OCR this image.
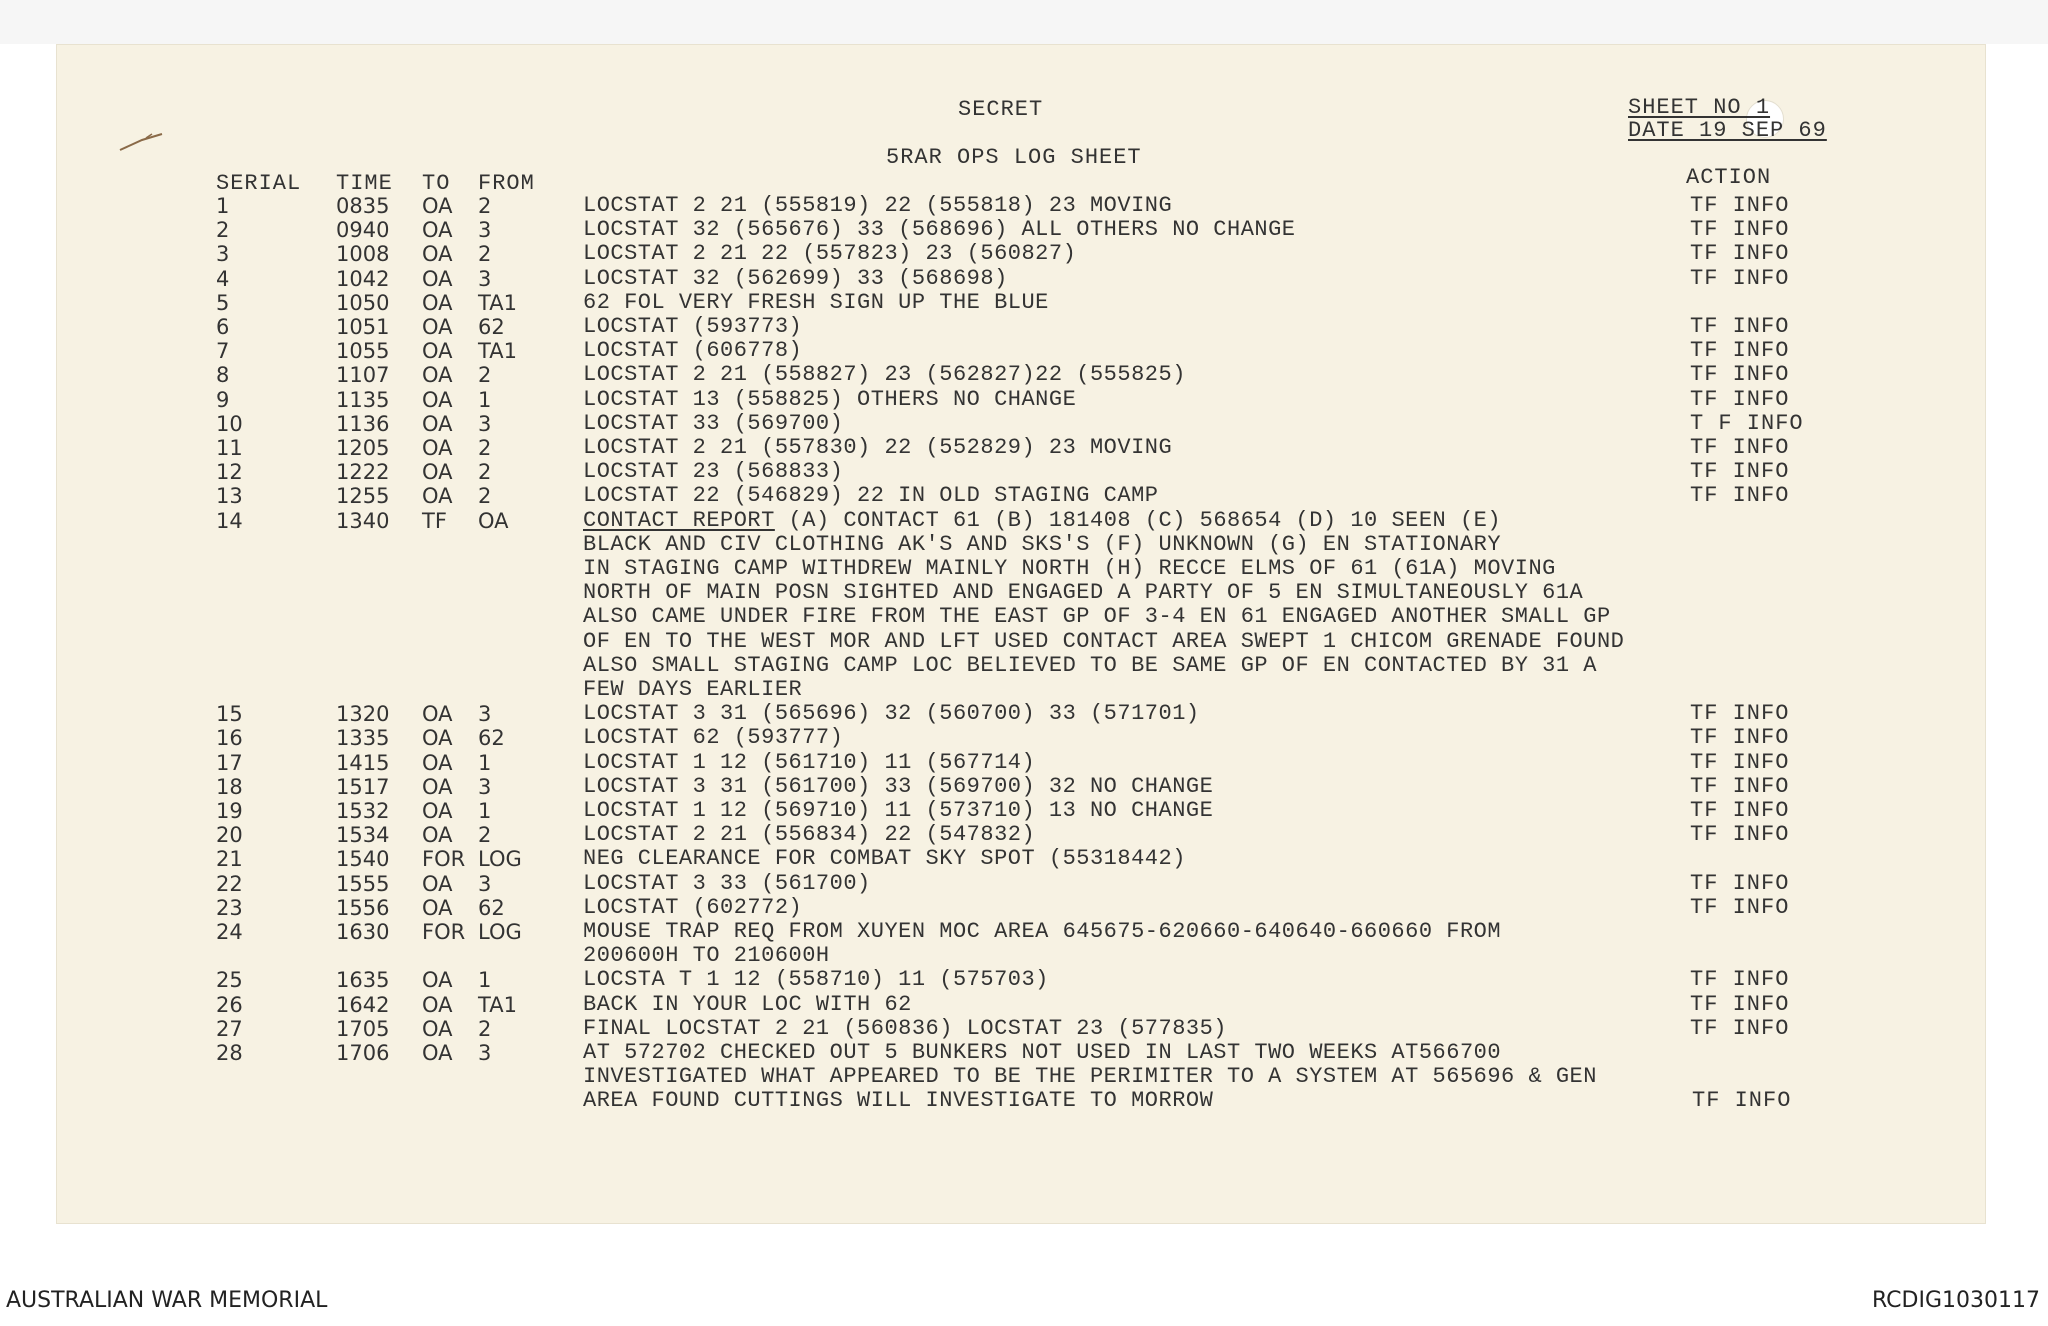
SECRET
5RAR OPS LOG SHEET
SHEET NO 1
DATE 19 SEP 69
SERIAL TIME TO FROM	ACTION
1	0835 OA 2	LOCSTAT 2 21 (555819) 22 (555818) 23 MOVING	TF INFO
2	0940 OA 3	LOCSTAT 32 (565676) 33 (568696) ALL OTHERS NO CHANGE	TF INFO
3	1008 OA 2	LOCSTAT 2 21 22 (557823) 23 (560827)	TF INFO
4	1042 OA 3	LOCSTAT 32 (562699) 33 (568698)	TF INFO
5	1050 OA TA1	62 FOL VERY FRESH SIGN UP THE BLUE
6	1051 OA 62	LOCSTAT (593773)	TF INFO
7	1055 OA TA1	LOCSTAT (606778)	TF INFO
8	1107 OA 2	LOCSTAT 2 21 (558827) 23 (562827)22 (555825)	TF INFO
9	1135 OA 1	LOCSTAT 13 (558825) OTHERS NO CHANGE	TF INFO
10	1136 OA 3	LOCSTAT 33 (569700)	T F INFO
11	1205 OA 2	LOCSTAT 2 21 (557830) 22 (552829) 23 MOVING	TF INFO
12	1222 OA 2	LOCSTAT 23 (568833)	TF INFO
13	1255 OA 2	LOCSTAT 22 (546829) 22 IN OLD STAGING CAMP	TF INFO
14	1340 TF OA	CONTACT REPORT (A) CONTACT 61 (B) 181408 (C) 568654 (D) 10 SEEN (E)
BLACK AND CIV CLOTHING AK'S AND SKS'S (F) UNKNOWN (G) EN STATIONARY
IN STAGING CAMP WITHDREW MAINLY NORTH (H) RECCE ELMS OF 61 (61A) MOVING
NORTH OF MAIN POSN SIGHTED AND ENGAGED A PARTY OF 5 EN SIMULTANEOUSLY 61A
ALSO CAME UNDER FIRE FROM THE EAST GP OF 3-4 EN 61 ENGAGED ANOTHER SMALL GP
OF EN TO THE WEST MOR AND LFT USED CONTACT AREA SWEPT 1 CHICOM GRENADE FOUND
ALSO SMALL STAGING CAMP LOC BELIEVED TO BE SAME GP OF EN CONTACTED BY 31 A
FEW DAYS EARLIER
15	1320 OA 3	LOCSTAT 3 31 (565696) 32 (560700) 33 (571701)	TF INFO
16	1335 OA 62	LOCSTAT 62 (593777)	TF INFO
17	1415 OA 1	LOCSTAT 1 12 (561710) 11 (567714)	TF INFO
18	1517 OA 3	LOCSTAT 3 31 (561700) 33 (569700) 32 NO CHANGE	TF INFO
19	1532 OA 1	LOCSTAT 1 12 (569710) 11 (573710) 13 NO CHANGE	TF INFO
20	1534 OA 2	LOCSTAT 2 21 (556834) 22 (547832)	TF INFO
21	1540 FOR LOG	NEG CLEARANCE FOR COMBAT SKY SPOT (55318442)
22	1555 OA 3	LOCSTAT 3 33 (561700)	TF INFO
23	1556 OA 62	LOCSTAT (602772)	TF INFO
24	1630 FOR LOG	MOUSE TRAP REQ FROM XUYEN MOC AREA 645675-620660-640640-660660 FROM
200600H TO 210600H
25	1635 OA 1	LOCSTA T 1 12 (558710) 11 (575703)	TF INFO
26	1642 OA TA1	BACK IN YOUR LOC WITH 62	TF INFO
27	1705 OA 2	FINAL LOCSTAT 2 21 (560836) LOCSTAT 23 (577835)	TF INFO
28	1706 OA 3	AT 572702 CHECKED OUT 5 BUNKERS NOT USED IN LAST TWO WEEKS AT566700
INVESTIGATED WHAT APPEARED TO BE THE PERIMITER TO A SYSTEM AT 565696 & GEN
AREA FOUND CUTTINGS WILL INVESTIGATE TO MORROW	TF INFO
AUSTRALIAN WAR MEMORIAL	RCDIG1030117
